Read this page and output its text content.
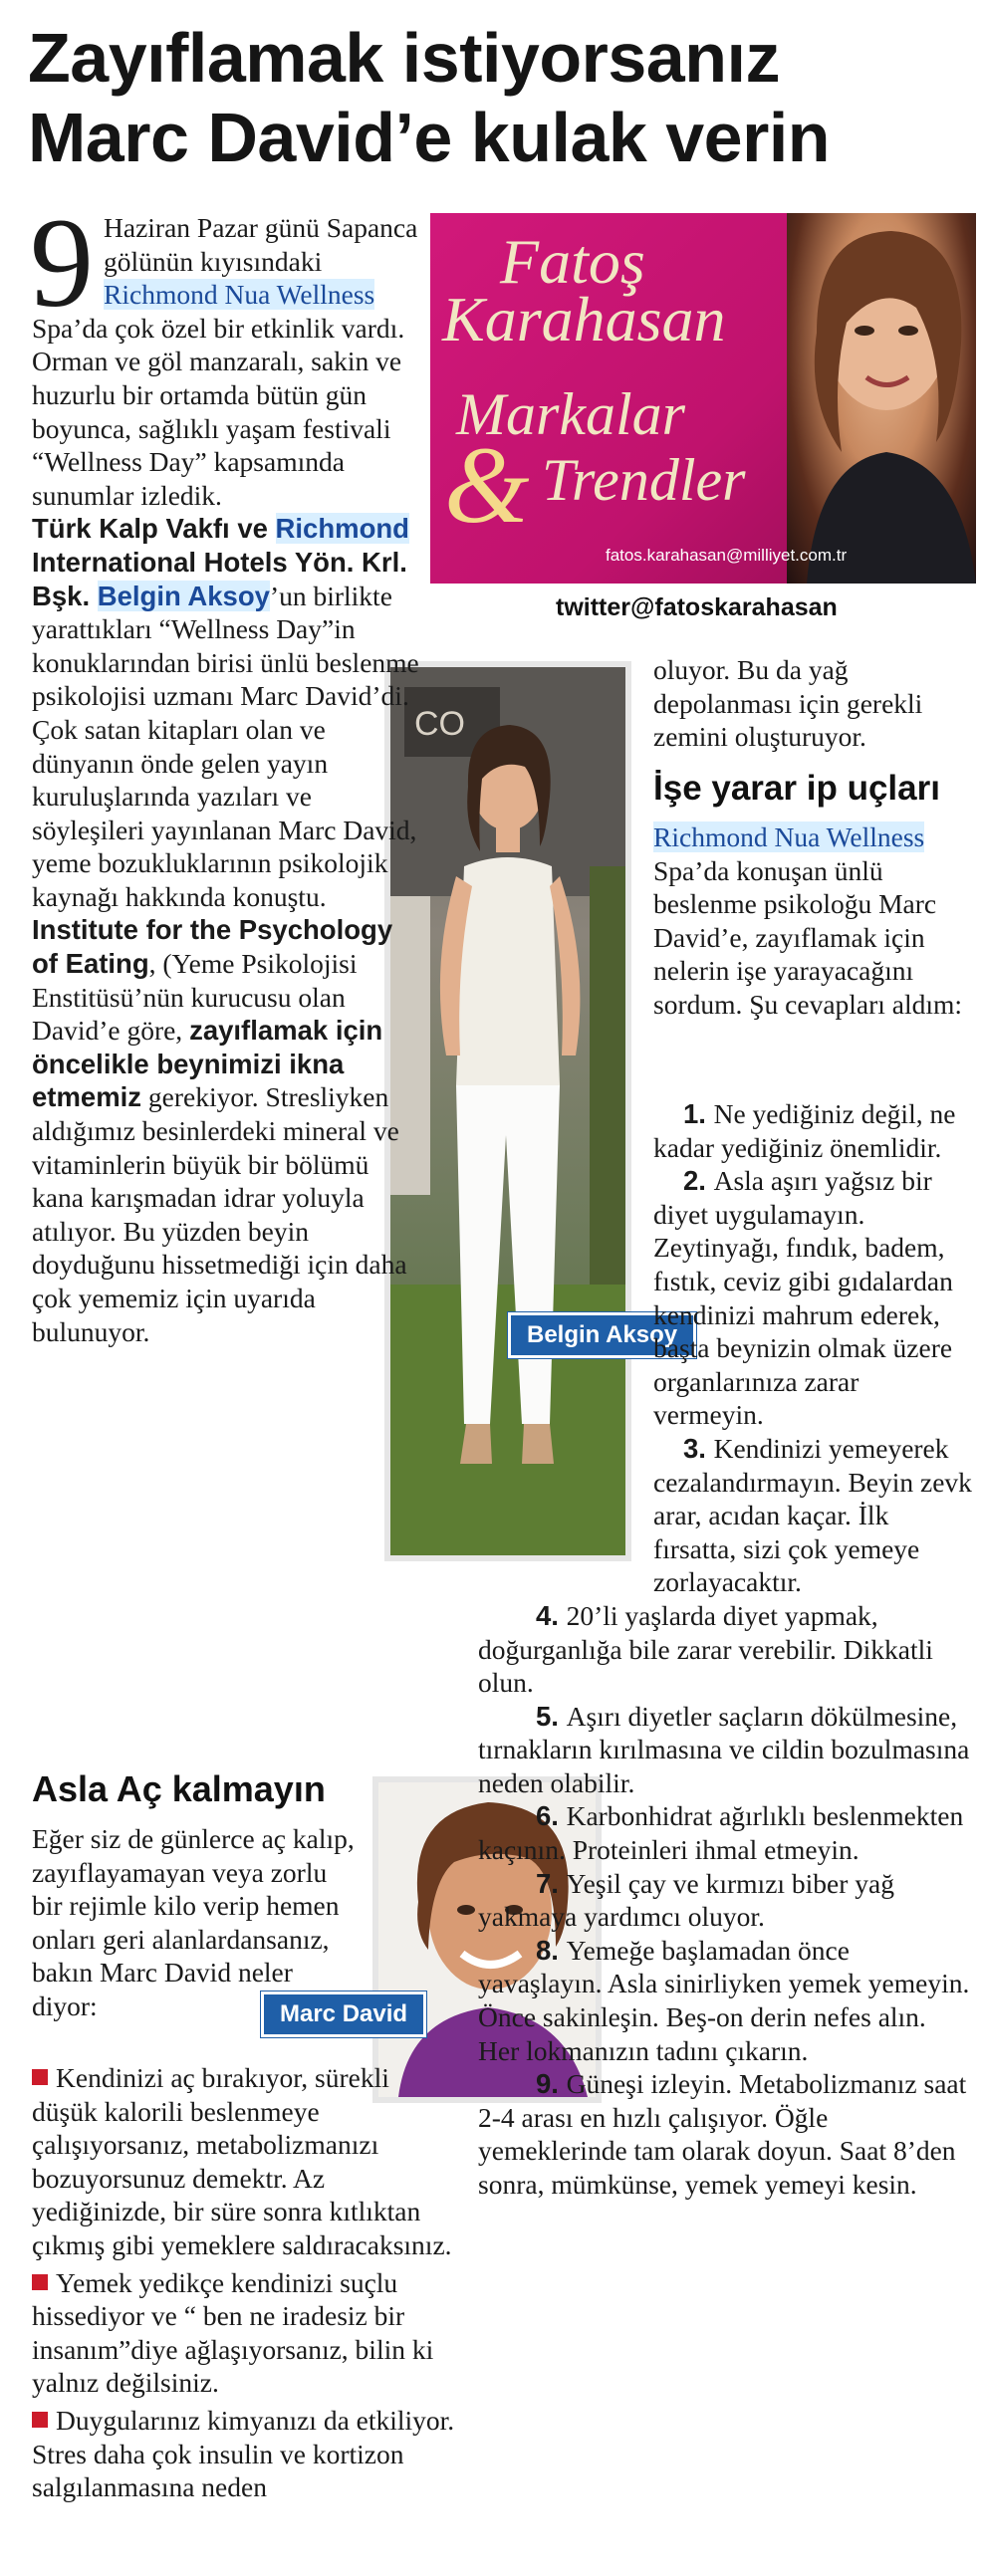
Zayıflamak istiyorsanız
Marc David’e kulak verin
Fatoş
Karahasan
Markalar
& Trendler
fatos.karahasan@milliyet.com.tr
twitter@fatoskarahasan
CO
Belgin Aksoy
Marc David

9 Haziran Pazar günü Sapanca gölünün kıyısındaki Richmond Nua Wellness Spa’da çok özel bir etkinlik vardı. Orman ve göl manzaralı, sakin ve huzurlu bir ortamda bütün gün boyunca, sağlıklı yaşam festivali “Wellness Day” kapsamında sunumlar izledik.

Türk Kalp Vakfı ve Richmond International Hotels Yön. Krl. Bşk. Belgin Aksoy’un birlikte yarattıkları “Wellness Day”in konuklarından birisi ünlü beslenme psikolojisi uzmanı Marc David’di. Çok satan kitapları olan ve dünyanın önde gelen yayın kuruluşlarında yazıları ve söyleşileri yayınlanan Marc David, yeme bozukluklarının psikolojik kaynağı hakkında konuştu.

Institute for the Psychology of Eating, (Yeme Psikolojisi Enstitüsü’nün kurucusu olan David’e göre, zayıflamak için öncelikle beynimizi ikna etmemiz gerekiyor. Stresliyken aldığımız besinlerdeki mineral ve vitaminlerin büyük bir bölümü kana karışmadan idrar yoluyla atılıyor. Bu yüzden beyin doyduğunu hissetmediği için daha çok yememiz için uyarıda bulunuyor.

Asla Aç kalmayın
Eğer siz de günlerce aç kalıp, zayıflayamayan veya zorlu bir rejimle kilo verip hemen onları geri alanlardansanız, bakın Marc David neler diyor:

Kendinizi aç bırakıyor, sürekli düşük kalorili beslenmeye çalışıyorsanız, metabolizmanızı bozuyorsunuz demektr. Az yediğinizde, bir süre sonra kıtlıktan çıkmış gibi yemeklere saldıracaksınız.

Yemek yedikçe kendinizi suçlu hissediyor ve “ ben ne iradesiz bir insanım”diye ağlaşıyorsanız, bilin ki yalnız değilsiniz.

Duygularınız kimyanızı da etkiliyor. Stres daha çok insulin ve kortizon salgılanmasına neden

oluyor. Bu da yağ depolanması için gerekli zemini oluşturuyor.
İşe yarar ip uçları
Richmond Nua Wellness Spa’da konuşan ünlü beslenme psikoloğu Marc David’e, zayıflamak için nelerin işe yarayacağını sordum. Şu cevapları aldım:

1. Ne yediğiniz değil, ne kadar yediğiniz önemlidir.

2. Asla aşırı yağsız bir diyet uygulamayın. Zeytinyağı, fındık, badem, fıstık, ceviz gibi gıdalardan kendinizi mahrum ederek, başta beynizin olmak üzere organlarınıza zarar vermeyin.

3. Kendinizi yemeyerek cezalandırmayın. Beyin zevk arar, acıdan kaçar. İlk fırsatta, sizi çok yemeye zorlayacaktır.

4. 20’li yaşlarda diyet yapmak, doğurganlığa bile zarar verebilir. Dikkatli olun.

5. Aşırı diyetler saçların dökülmesine, tırnakların kırılmasına ve cildin bozulmasına neden olabilir.

6. Karbonhidrat ağırlıklı beslenmekten kaçının. Proteinleri ihmal etmeyin.

7. Yeşil çay ve kırmızı biber yağ yakmaya yardımcı oluyor.

8. Yemeğe başlamadan önce yavaşlayın. Asla sinirliyken yemek yemeyin. Önce sakinleşin. Beş-on derin nefes alın. Her lokmanızın tadını çıkarın.

9. Güneşi izleyin. Metabolizmanız saat 2-4 arası en hızlı çalışıyor. Öğle yemeklerinde tam olarak doyun. Saat 8’den sonra, mümkünse, yemek yemeyi kesin.
